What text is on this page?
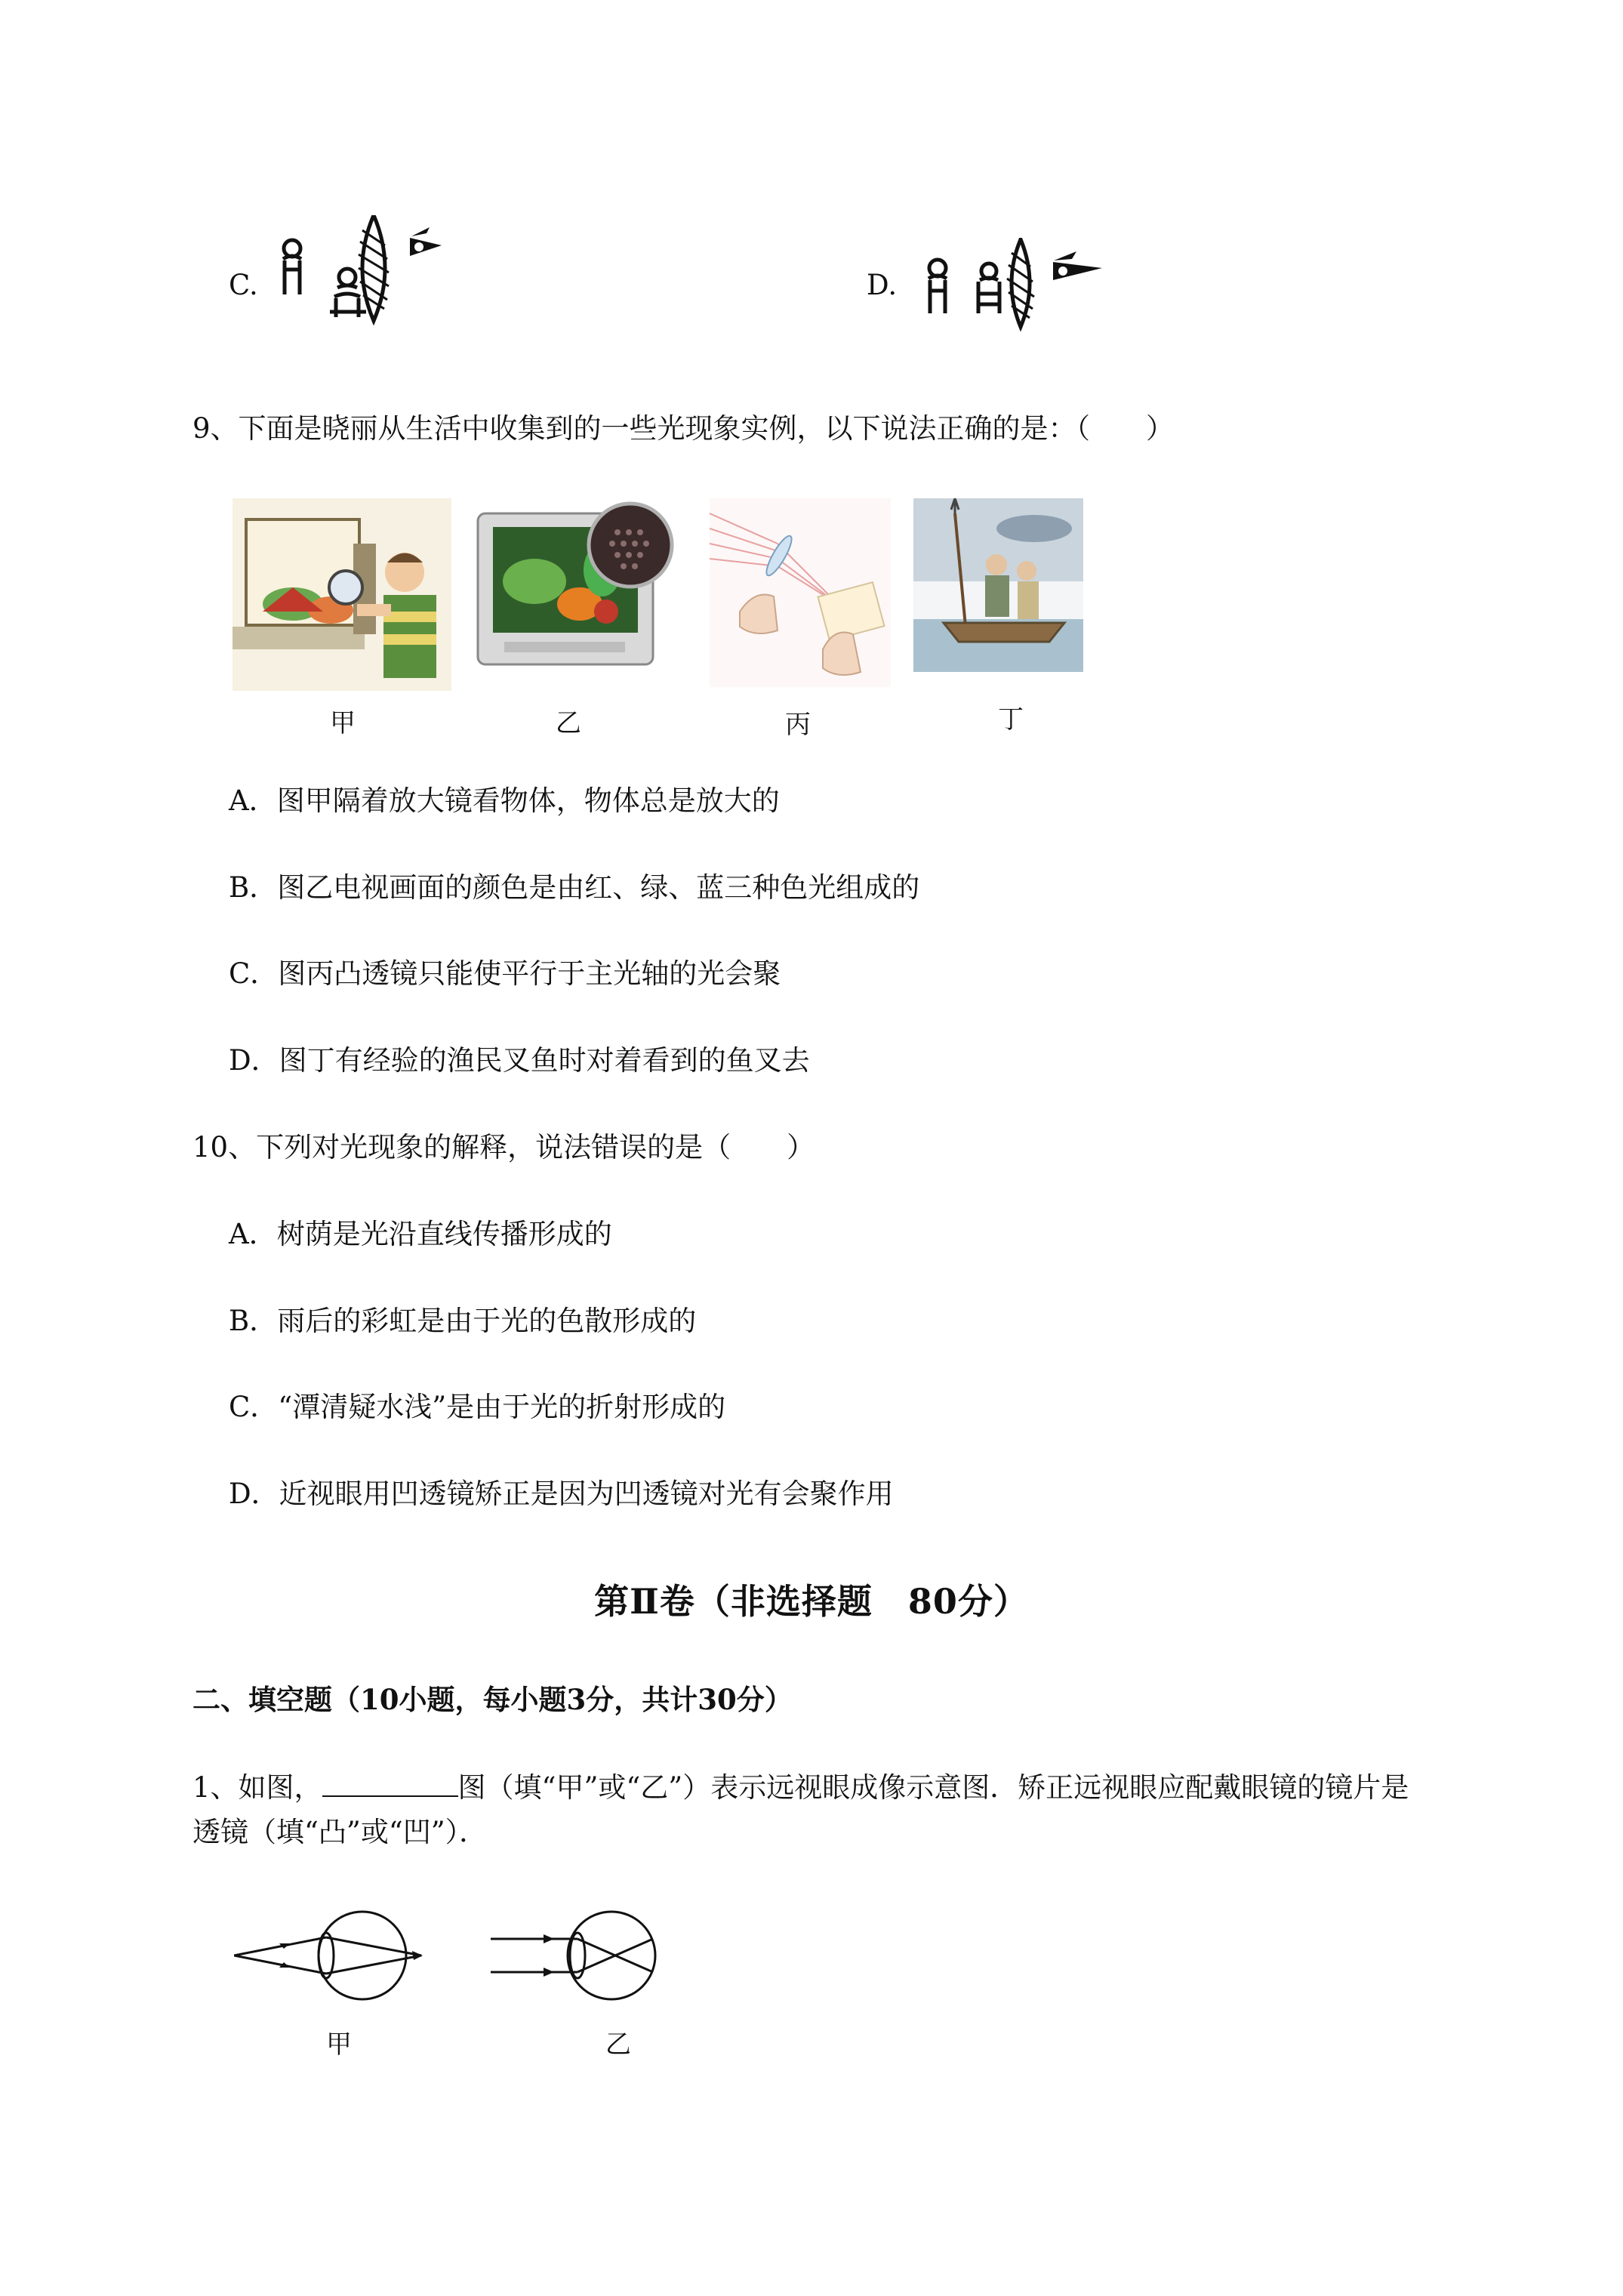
C.	D.
9、下面是晓丽从生活中收集到的一些光现象实例，以下说法正确的是：（　　）
甲	乙	丙	丁
A．图甲隔着放大镜看物体，物体总是放大的
B．图乙电视画面的颜色是由红、绿、蓝三种色光组成的
C．图丙凸透镜只能使平行于主光轴的光会聚
D．图丁有经验的渔民叉鱼时对着看到的鱼叉去
10、下列对光现象的解释，说法错误的是（　　）
A．树荫是光沿直线传播形成的
B．雨后的彩虹是由于光的色散形成的
C．“潭清疑水浅”是由于光的折射形成的
D．近视眼用凹透镜矫正是因为凹透镜对光有会聚作用
第Ⅱ卷（非选择题　80分）
二、填空题（10小题，每小题3分，共计30分）
1、如图，	图（填“甲”或“乙”）表示远视眼成像示意图．矫正远视眼应配戴眼镜的镜片是
透镜（填“凸”或“凹”）．
甲	乙
